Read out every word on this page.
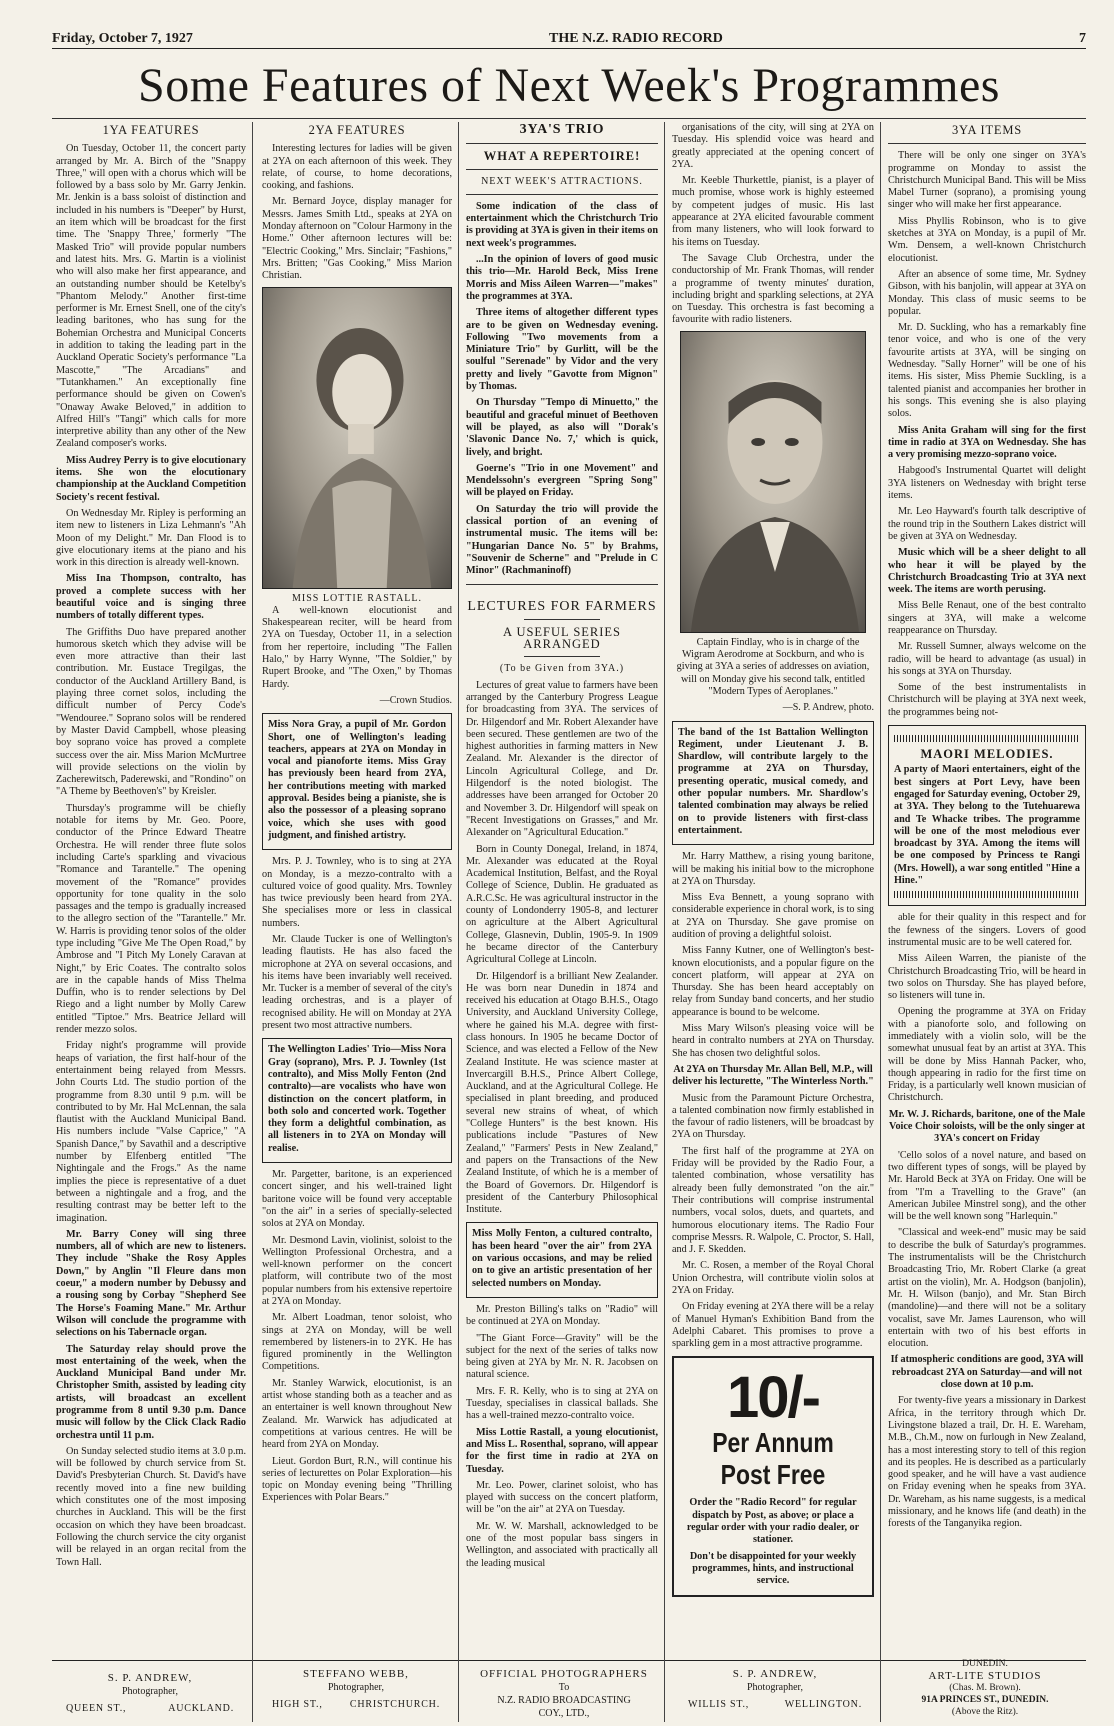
Friday, October 7, 1927	THE N.Z. RADIO RECORD	7
Some Features of Next Week's Programmes
1YA FEATURES

On Tuesday, October 11, the concert party arranged by Mr. A. Birch of the "Snappy Three," will open with a chorus which will be followed by a bass solo by Mr. Garry Jenkin. Mr. Jenkin is a bass soloist of distinction and included in his numbers is "Deeper" by Hurst, an item which will be broadcast for the first time. The 'Snappy Three,' formerly "The Masked Trio" will provide popular numbers and latest hits. Mrs. G. Martin is a violinist who will also make her first appearance, and an outstanding number should be Ketelby's "Phantom Melody." Another first-time performer is Mr. Ernest Snell, one of the city's leading baritones, who has sung for the Bohemian Orchestra and Municipal Concerts in addition to taking the leading part in the Auckland Operatic Society's performance "La Mascotte," "The Arcadians" and "Tutankhamen." An exceptionally fine performance should be given on Cowen's "Onaway Awake Beloved," in addition to Alfred Hill's "Tangi" which calls for more interpretive ability than any other of the New Zealand composer's works.

Miss Audrey Perry is to give elocutionary items. She won the elocutionary championship at the Auckland Competition Society's recent festival.

On Wednesday Mr. Ripley is performing an item new to listeners in Liza Lehmann's "Ah Moon of my Delight." Mr. Dan Flood is to give elocutionary items at the piano and his work in this direction is already well-known.

Miss Ina Thompson, contralto, has proved a complete success with her beautiful voice and is singing three numbers of totally different types.

The Griffiths Duo have prepared another humorous sketch which they advise will be even more attractive than their last contribution. Mr. Eustace Tregilgas, the conductor of the Auckland Artillery Band, is playing three cornet solos, including the difficult number of Percy Code's "Wendouree." Soprano solos will be rendered by Master David Campbell, whose pleasing boy soprano voice has proved a complete success over the air. Miss Marion McMurtree will provide selections on the violin by Zacherewitsch, Paderewski, and "Rondino" on "A Theme by Beethoven's" by Kreisler.

Thursday's programme will be chiefly notable for items by Mr. Geo. Poore, conductor of the Prince Edward Theatre Orchestra. He will render three flute solos including Carte's sparkling and vivacious "Romance and Tarantelle." The opening movement of the "Romance" provides opportunity for tone quality in the solo passages and the tempo is gradually increased to the allegro section of the "Tarantelle." Mr. W. Harris is providing tenor solos of the older type including "Give Me The Open Road," by Ambrose and "I Pitch My Lonely Caravan at Night," by Eric Coates. The contralto solos are in the capable hands of Miss Thelma Duffin, who is to render selections by Del Riego and a light number by Molly Carew entitled "Tiptoe." Mrs. Beatrice Jellard will render mezzo solos.

Friday night's programme will provide heaps of variation, the first half-hour of the entertainment being relayed from Messrs. John Courts Ltd. The studio portion of the programme from 8.30 until 9 p.m. will be contributed to by Mr. Hal McLennan, the sala flautist with the Auckland Municipal Band. His numbers include "Valse Caprice," "A Spanish Dance," by Savathil and a descriptive number by Elfenberg entitled "The Nightingale and the Frogs." As the name implies the piece is representative of a duet between a nightingale and a frog, and the resulting contrast may be better left to the imagination.

Mr. Barry Coney will sing three numbers, all of which are new to listeners. They include "Shake the Rosy Apples Down," by Anglin "Il Fleure dans mon coeur," a modern number by Debussy and a rousing song by Corbay "Shepherd See The Horse's Foaming Mane." Mr. Arthur Wilson will conclude the programme with selections on his Tabernacle organ.

The Saturday relay should prove the most entertaining of the week, when the Auckland Municipal Band under Mr. Christopher Smith, assisted by leading city artists, will broadcast an excellent programme from 8 until 9.30 p.m. Dance music will follow by the Click Clack Radio orchestra until 11 p.m.

On Sunday selected studio items at 3.0 p.m. will be followed by church service from St. David's Presbyterian Church. St. David's have recently moved into a fine new building which constitutes one of the most imposing churches in Auckland. This will be the first occasion on which they have been broadcast. Following the church service the city organist will be relayed in an organ recital from the Town Hall.

2YA FEATURES

Interesting lectures for ladies will be given at 2YA on each afternoon of this week. They relate, of course, to home decorations, cooking, and fashions.

Mr. Bernard Joyce, display manager for Messrs. James Smith Ltd., speaks at 2YA on Monday afternoon on "Colour Harmony in the Home." Other afternoon lectures will be: "Electric Cooking," Mrs. Sinclair; "Fashions," Mrs. Britten; "Gas Cooking," Miss Marion Christian.

MISS LOTTIE RASTALL.

A well-known elocutionist and Shakespearean reciter, will be heard from 2YA on Tuesday, October 11, in a selection from her repertoire, including "The Fallen Halo," by Harry Wynne, "The Soldier," by Rupert Brooke, and "The Oxen," by Thomas Hardy.

—Crown Studios.

Miss Nora Gray, a pupil of Mr. Gordon Short, one of Wellington's leading teachers, appears at 2YA on Monday in vocal and pianoforte items. Miss Gray has previously been heard from 2YA, her contributions meeting with marked approval. Besides being a pianiste, she is also the possessor of a pleasing soprano voice, which she uses with good judgment, and finished artistry.

Mrs. P. J. Townley, who is to sing at 2YA on Monday, is a mezzo-contralto with a cultured voice of good quality. Mrs. Townley has twice previously been heard from 2YA. She specialises more or less in classical numbers.

Mr. Claude Tucker is one of Wellington's leading flautists. He has also faced the microphone at 2YA on several occasions, and his items have been invariably well received. Mr. Tucker is a member of several of the city's leading orchestras, and is a player of recognised ability. He will on Monday at 2YA present two most attractive numbers.

The Wellington Ladies' Trio—Miss Nora Gray (soprano), Mrs. P. J. Townley (1st contralto), and Miss Molly Fenton (2nd contralto)—are vocalists who have won distinction on the concert platform, in both solo and concerted work. Together they form a delightful combination, as all listeners in to 2YA on Monday will realise.

Mr. Pargetter, baritone, is an experienced concert singer, and his well-trained light baritone voice will be found very acceptable "on the air" in a series of specially-selected solos at 2YA on Monday.

Mr. Desmond Lavin, violinist, soloist to the Wellington Professional Orchestra, and a well-known performer on the concert platform, will contribute two of the most popular numbers from his extensive repertoire at 2YA on Monday.

Mr. Albert Loadman, tenor soloist, who sings at 2YA on Monday, will be well remembered by listeners-in to 2YK. He has figured prominently in the Wellington Competitions.

Mr. Stanley Warwick, elocutionist, is an artist whose standing both as a teacher and as an entertainer is well known throughout New Zealand. Mr. Warwick has adjudicated at competitions at various centres. He will be heard from 2YA on Monday.

Lieut. Gordon Burt, R.N., will continue his series of lecturettes on Polar Exploration—his topic on Monday evening being "Thrilling Experiences with Polar Bears."

3YA'S TRIO
WHAT A REPERTOIRE!
NEXT WEEK'S ATTRACTIONS.

Some indication of the class of entertainment which the Christchurch Trio is providing at 3YA is given in their items on next week's programmes.

...In the opinion of lovers of good music this trio—Mr. Harold Beck, Miss Irene Morris and Miss Aileen Warren—"makes" the programmes at 3YA.

Three items of altogether different types are to be given on Wednesday evening. Following "Two movements from a Miniature Trio" by Gurlitt, will be the soulful "Serenade" by Vidor and the very pretty and lively "Gavotte from Mignon" by Thomas.

On Thursday "Tempo di Minuetto," the beautiful and graceful minuet of Beethoven will be played, as also will "Dorak's 'Slavonic Dance No. 7,' which is quick, lively, and bright.

Goerne's "Trio in one Movement" and Mendelssohn's evergreen "Spring Song" will be played on Friday.

On Saturday the trio will provide the classical portion of an evening of instrumental music. The items will be: "Hungarian Dance No. 5" by Brahms, "Souvenir de Scherne" and "Prelude in C Minor" (Rachmaninoff)

LECTURES FOR FARMERS
A USEFUL SERIES ARRANGED
(To be Given from 3YA.)

Lectures of great value to farmers have been arranged by the Canterbury Progress League for broadcasting from 3YA. The services of Dr. Hilgendorf and Mr. Robert Alexander have been secured. These gentlemen are two of the highest authorities in farming matters in New Zealand. Mr. Alexander is the director of Lincoln Agricultural College, and Dr. Hilgendorf is the noted biologist. The addresses have been arranged for October 20 and November 3. Dr. Hilgendorf will speak on "Recent Investigations on Grasses," and Mr. Alexander on "Agricultural Education."

Born in County Donegal, Ireland, in 1874, Mr. Alexander was educated at the Royal Academical Institution, Belfast, and the Royal College of Science, Dublin. He graduated as A.R.C.Sc. He was agricultural instructor in the county of Londonderry 1905-8, and lecturer on agriculture at the Albert Agricultural College, Glasnevin, Dublin, 1905-9. In 1909 he became director of the Canterbury Agricultural College at Lincoln.

Dr. Hilgendorf is a brilliant New Zealander. He was born near Dunedin in 1874 and received his education at Otago B.H.S., Otago University, and Auckland University College, where he gained his M.A. degree with first-class honours. In 1905 he became Doctor of Science, and was elected a Fellow of the New Zealand Institute. He was science master at Invercargill B.H.S., Prince Albert College, Auckland, and at the Agricultural College. He specialised in plant breeding, and produced several new strains of wheat, of which "College Hunters" is the best known. His publications include "Pastures of New Zealand," "Farmers' Pests in New Zealand," and papers on the Transactions of the New Zealand Institute, of which he is a member of the Board of Governors. Dr. Hilgendorf is president of the Canterbury Philosophical Institute.

Miss Molly Fenton, a cultured contralto, has been heard "over the air" from 2YA on various occasions, and may be relied on to give an artistic presentation of her selected numbers on Monday.

Mr. Preston Billing's talks on "Radio" will be continued at 2YA on Monday.

"The Giant Force—Gravity" will be the subject for the next of the series of talks now being given at 2YA by Mr. N. R. Jacobsen on natural science.

Mrs. F. R. Kelly, who is to sing at 2YA on Tuesday, specialises in classical ballads. She has a well-trained mezzo-contralto voice.

Miss Lottie Rastall, a young elocutionist, and Miss L. Rosenthal, soprano, will appear for the first time in radio at 2YA on Tuesday.

Mr. Leo. Power, clarinet soloist, who has played with success on the concert platform, will be "on the air" at 2YA on Tuesday.

Mr. W. W. Marshall, acknowledged to be one of the most popular bass singers in Wellington, and associated with practically all the leading musical

organisations of the city, will sing at 2YA on Tuesday. His splendid voice was heard and greatly appreciated at the opening concert of 2YA.

Mr. Keeble Thurkettle, pianist, is a player of much promise, whose work is highly esteemed by competent judges of music. His last appearance at 2YA elicited favourable comment from many listeners, who will look forward to his items on Tuesday.

The Savage Club Orchestra, under the conductorship of Mr. Frank Thomas, will render a programme of twenty minutes' duration, including bright and sparkling selections, at 2YA on Tuesday. This orchestra is fast becoming a favourite with radio listeners.

Captain Findlay, who is in charge of the Wigram Aerodrome at Sockburn, and who is giving at 3YA a series of addresses on aviation, will on Monday give his second talk, entitled "Modern Types of Aeroplanes."

—S. P. Andrew, photo.

The band of the 1st Battalion Wellington Regiment, under Lieutenant J. B. Shardlow, will contribute largely to the programme at 2YA on Thursday, presenting operatic, musical comedy, and other popular numbers. Mr. Shardlow's talented combination may always be relied on to provide listeners with first-class entertainment.

Mr. Harry Matthew, a rising young baritone, will be making his initial bow to the microphone at 2YA on Thursday.

Miss Eva Bennett, a young soprano with considerable experience in choral work, is to sing at 2YA on Thursday. She gave promise on audition of proving a delightful soloist.

Miss Fanny Kutner, one of Wellington's best-known elocutionists, and a popular figure on the concert platform, will appear at 2YA on Thursday. She has been heard acceptably on relay from Sunday band concerts, and her studio appearance is bound to be welcome.

Miss Mary Wilson's pleasing voice will be heard in contralto numbers at 2YA on Thursday. She has chosen two delightful solos.

At 2YA on Thursday Mr. Allan Bell, M.P., will deliver his lecturette, "The Winterless North."

Music from the Paramount Picture Orchestra, a talented combination now firmly established in the favour of radio listeners, will be broadcast by 2YA on Thursday.

The first half of the programme at 2YA on Friday will be provided by the Radio Four, a talented combination, whose versatility has already been fully demonstrated "on the air." Their contributions will comprise instrumental numbers, vocal solos, duets, and quartets, and humorous elocutionary items. The Radio Four comprise Messrs. R. Walpole, C. Proctor, S. Hall, and J. F. Skedden.

Mr. C. Rosen, a member of the Royal Choral Union Orchestra, will contribute violin solos at 2YA on Friday.

On Friday evening at 2YA there will be a relay of Manuel Hyman's Exhibition Band from the Adelphi Cabaret. This promises to prove a sparkling gem in a most attractive programme.

10/-
Per Annum Post Free

Order the "Radio Record" for regular dispatch by Post, as above; or place a regular order with your radio dealer, or stationer.

Don't be disappointed for your weekly programmes, hints, and instructional service.

3YA ITEMS

There will be only one singer on 3YA's programme on Monday to assist the Christchurch Municipal Band. This will be Miss Mabel Turner (soprano), a promising young singer who will make her first appearance.

Miss Phyllis Robinson, who is to give sketches at 3YA on Monday, is a pupil of Mr. Wm. Densem, a well-known Christchurch elocutionist.

After an absence of some time, Mr. Sydney Gibson, with his banjolin, will appear at 3YA on Monday. This class of music seems to be popular.

Mr. D. Suckling, who has a remarkably fine tenor voice, and who is one of the very favourite artists at 3YA, will be singing on Wednesday. "Sally Horner" will be one of his items. His sister, Miss Phemie Suckling, is a talented pianist and accompanies her brother in his songs. This evening she is also playing solos.

Miss Anita Graham will sing for the first time in radio at 3YA on Wednesday. She has a very promising mezzo-soprano voice.

Habgood's Instrumental Quartet will delight 3YA listeners on Wednesday with bright terse items.

Mr. Leo Hayward's fourth talk descriptive of the round trip in the Southern Lakes district will be given at 3YA on Wednesday.

Music which will be a sheer delight to all who hear it will be played by the Christchurch Broadcasting Trio at 3YA next week. The items are worth perusing.

Miss Belle Renaut, one of the best contralto singers at 3YA, will make a welcome reappearance on Thursday.

Mr. Russell Sumner, always welcome on the radio, will be heard to advantage (as usual) in his songs at 3YA on Thursday.

Some of the best instrumentalists in Christchurch will be playing at 3YA next week, the programmes being not-

MAORI MELODIES.

A party of Maori entertainers, eight of the best singers at Port Levy, have been engaged for Saturday evening, October 29, at 3YA. They belong to the Tutehuarewa and Te Whacke tribes. The programme will be one of the most melodious ever broadcast by 3YA. Among the items will be one composed by Princess te Rangi (Mrs. Howell), a war song entitled "Hine a Hine."

able for their quality in this respect and for the fewness of the singers. Lovers of good instrumental music are to be well catered for.

Miss Aileen Warren, the pianiste of the Christchurch Broadcasting Trio, will be heard in two solos on Thursday. She has played before, so listeners will tune in.

Opening the programme at 3YA on Friday with a pianoforte solo, and following on immediately with a violin solo, will be the somewhat unusual feat by an artist at 3YA. This will be done by Miss Hannah Packer, who, though appearing in radio for the first time on Friday, is a particularly well known musician of Christchurch.

Mr. W. J. Richards, baritone, one of the Male Voice Choir soloists, will be the only singer at 3YA's concert on Friday

'Cello solos of a novel nature, and based on two different types of songs, will be played by Mr. Harold Beck at 3YA on Friday. One will be from "I'm a Travelling to the Grave" (an American Jubilee Minstrel song), and the other will be the well known song "Harlequin."

"Classical and week-end" music may be said to describe the bulk of Saturday's programmes. The instrumentalists will be the Christchurch Broadcasting Trio, Mr. Robert Clarke (a great artist on the violin), Mr. A. Hodgson (banjolin), Mr. H. Wilson (banjo), and Mr. Stan Birch (mandoline)—and there will not be a solitary vocalist, save Mr. James Laurenson, who will entertain with two of his best efforts in elocution.

If atmospheric conditions are good, 3YA will rebroadcast 2YA on Saturday—and will not close down at 10 p.m.

For twenty-five years a missionary in Darkest Africa, in the territory through which Dr. Livingstone blazed a trail, Dr. H. E. Wareham, M.B., Ch.M., now on furlough in New Zealand, has a most interesting story to tell of this region and its peoples. He is described as a particularly good speaker, and he will have a vast audience on Friday evening when he speaks from 3YA. Dr. Wareham, as his name suggests, is a medical missionary, and he knows life (and death) in the forests of the Tanganyika region.

S. P. ANDREW,
Photographer,
QUEEN ST.,	AUCKLAND.
STEFFANO WEBB,
Photographer,
HIGH ST.,	CHRISTCHURCH.
OFFICIAL PHOTOGRAPHERS
To
N.Z. RADIO BROADCASTING
COY., LTD.,
S. P. ANDREW,
Photographer,
WILLIS ST.,	WELLINGTON.
DUNEDIN.
ART-LITE STUDIOS
(Chas. M. Brown).
91A PRINCES ST., DUNEDIN.
(Above the Ritz).
